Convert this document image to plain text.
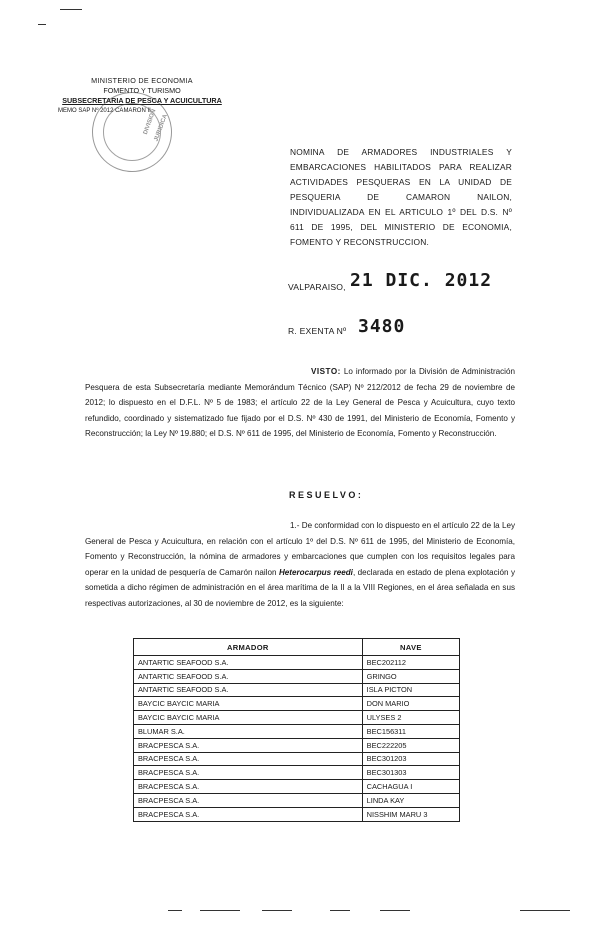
MINISTERIO DE ECONOMIA
FOMENTO Y TURISMO
SUBSECRETARIA DE PESCA Y ACUICULTURA
MEMO SAP Nº 2012 CAMARON II
DIVISION
JURIDICA
NOMINA DE ARMADORES INDUSTRIALES Y EMBARCACIONES HABILITADOS PARA REALIZAR ACTIVIDADES PESQUERAS EN LA UNIDAD DE PESQUERIA DE CAMARON NAILON, INDIVIDUALIZADA EN EL ARTICULO 1º DEL D.S. Nº 611 DE 1995, DEL MINISTERIO DE ECONOMIA, FOMENTO Y RECONSTRUCCION.
VALPARAISO, 21 DIC. 2012
R. EXENTA Nº 3480
VISTO: Lo informado por la División de Administración Pesquera de esta Subsecretaría mediante Memorándum Técnico (SAP) Nº 212/2012 de fecha 29 de noviembre de 2012; lo dispuesto en el D.F.L. Nº 5 de 1983; el artículo 22 de la Ley General de Pesca y Acuicultura, cuyo texto refundido, coordinado y sistematizado fue fijado por el D.S. Nº 430 de 1991, del Ministerio de Economía, Fomento y Reconstrucción; la Ley Nº 19.880; el D.S. Nº 611 de 1995, del Ministerio de Economía, Fomento y Reconstrucción.
RESUELVO:
1.- De conformidad con lo dispuesto en el artículo 22 de la Ley General de Pesca y Acuicultura, en relación con el artículo 1º del D.S. Nº 611 de 1995, del Ministerio de Economía, Fomento y Reconstrucción, la nómina de armadores y embarcaciones que cumplen con los requisitos legales para operar en la unidad de pesquería de Camarón nailon Heterocarpus reedi, declarada en estado de plena explotación y sometida a dicho régimen de administración en el área marítima de la II a la VIII Regiones, en el área señalada en sus respectivas autorizaciones, al 30 de noviembre de 2012, es la siguiente:
ARMADOR	NAVE
ANTARTIC SEAFOOD S.A.	BEC202112
ANTARTIC SEAFOOD S.A.	GRINGO
ANTARTIC SEAFOOD S.A.	ISLA PICTON
BAYCIC BAYCIC MARIA	DON MARIO
BAYCIC BAYCIC MARIA	ULYSES 2
BLUMAR S.A.	BEC156311
BRACPESCA S.A.	BEC222205
BRACPESCA S.A.	BEC301203
BRACPESCA S.A.	BEC301303
BRACPESCA S.A.	CACHAGUA I
BRACPESCA S.A.	LINDA KAY
BRACPESCA S.A.	NISSHIM MARU 3
